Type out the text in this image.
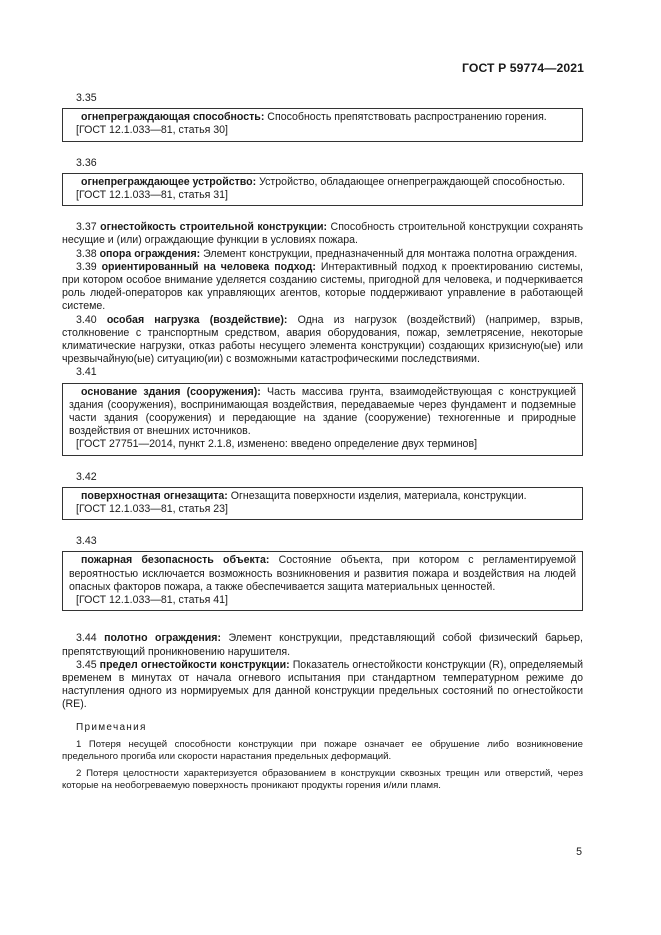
ГОСТ Р 59774—2021
3.35

огнепреграждающая способность: Способность препятствовать распространению горения.

[ГОСТ 12.1.033—81, статья 30]

3.36

огнепреграждающее устройство: Устройство, обладающее огнепреграждающей способностью.

[ГОСТ 12.1.033—81, статья 31]

3.37 огнестойкость строительной конструкции: Способность строительной конструкции сохранять несущие и (или) ограждающие функции в условиях пожара.

3.38 опора ограждения: Элемент конструкции, предназначенный для монтажа полотна ограждения.

3.39 ориентированный на человека подход: Интерактивный подход к проектированию системы, при котором особое внимание уделяется созданию системы, пригодной для человека, и подчеркивается роль людей-операторов как управляющих агентов, которые поддерживают управление в работающей системе.

3.40 особая нагрузка (воздействие): Одна из нагрузок (воздействий) (например, взрыв, столкновение с транспортным средством, авария оборудования, пожар, землетрясение, некоторые климатические нагрузки, отказ работы несущего элемента конструкции) создающих кризисную(ые) или чрезвычайную(ые) ситуацию(ии) с возможными катастрофическими последствиями.

3.41

основание здания (сооружения): Часть массива грунта, взаимодействующая с конструкцией здания (сооружения), воспринимающая воздействия, передаваемые через фундамент и подземные части здания (сооружения) и передающие на здание (сооружение) техногенные и природные воздействия от внешних источников.

[ГОСТ 27751—2014, пункт 2.1.8, изменено: введено определение двух терминов]

3.42

поверхностная огнезащита: Огнезащита поверхности изделия, материала, конструкции.

[ГОСТ 12.1.033—81, статья 23]

3.43

пожарная безопасность объекта: Состояние объекта, при котором с регламентируемой вероятностью исключается возможность возникновения и развития пожара и воздействия на людей опасных факторов пожара, а также обеспечивается защита материальных ценностей.

[ГОСТ 12.1.033—81, статья 41]

3.44 полотно ограждения: Элемент конструкции, представляющий собой физический барьер, препятствующий проникновению нарушителя.

3.45 предел огнестойкости конструкции: Показатель огнестойкости конструкции (R), определяемый временем в минутах от начала огневого испытания при стандартном температурном режиме до наступления одного из нормируемых для данной конструкции предельных состояний по огнестойкости (RE).

Примечания

1 Потеря несущей способности конструкции при пожаре означает ее обрушение либо возникновение предельного прогиба или скорости нарастания предельных деформаций.

2 Потеря целостности характеризуется образованием в конструкции сквозных трещин или отверстий, через которые на необогреваемую поверхность проникают продукты горения и/или пламя.

5
